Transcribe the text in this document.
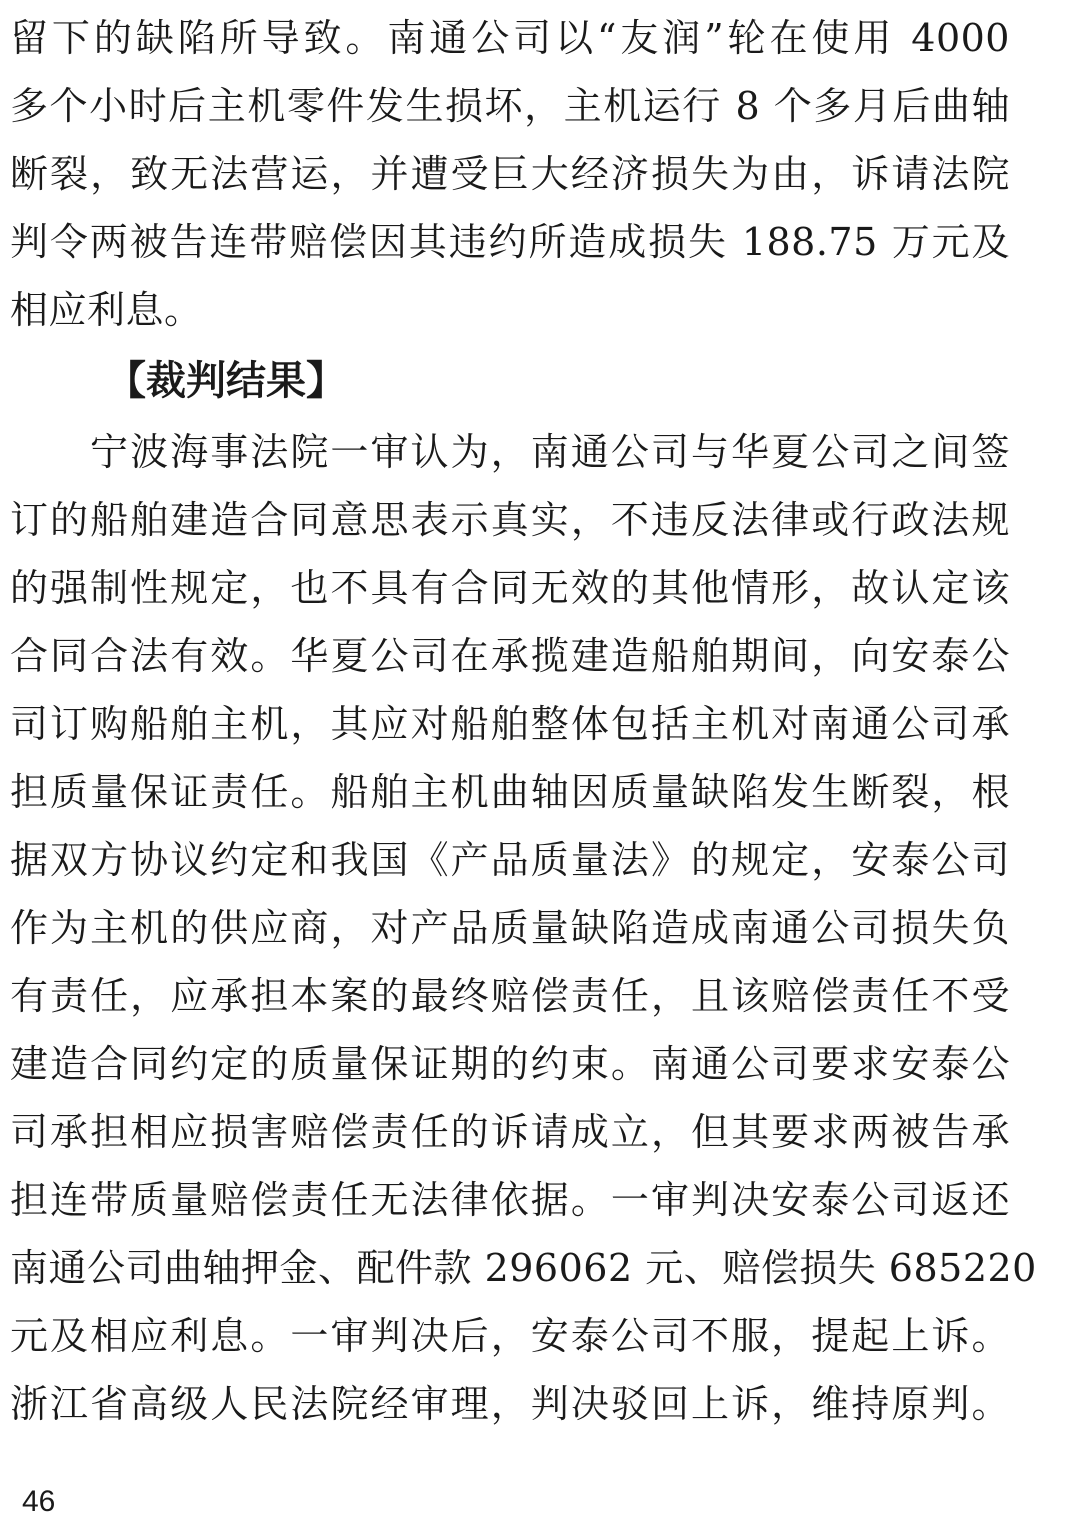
留下的缺陷所导致。南通公司以“友润”轮在使用 4000
多个小时后主机零件发生损坏，主机运行 8 个多月后曲轴
断裂，致无法营运，并遭受巨大经济损失为由，诉请法院
判令两被告连带赔偿因其违约所造成损失 188.75 万元及
相应利息。
【裁判结果】
宁波海事法院一审认为，南通公司与华夏公司之间签
订的船舶建造合同意思表示真实，不违反法律或行政法规
的强制性规定，也不具有合同无效的其他情形，故认定该
合同合法有效。华夏公司在承揽建造船舶期间，向安泰公
司订购船舶主机，其应对船舶整体包括主机对南通公司承
担质量保证责任。船舶主机曲轴因质量缺陷发生断裂，根
据双方协议约定和我国《产品质量法》的规定，安泰公司
作为主机的供应商，对产品质量缺陷造成南通公司损失负
有责任，应承担本案的最终赔偿责任，且该赔偿责任不受
建造合同约定的质量保证期的约束。南通公司要求安泰公
司承担相应损害赔偿责任的诉请成立，但其要求两被告承
担连带质量赔偿责任无法律依据。一审判决安泰公司返还
南通公司曲轴押金、配件款 296062 元、赔偿损失 685220
元及相应利息。一审判决后，安泰公司不服，提起上诉。
浙江省高级人民法院经审理，判决驳回上诉，维持原判。
46
